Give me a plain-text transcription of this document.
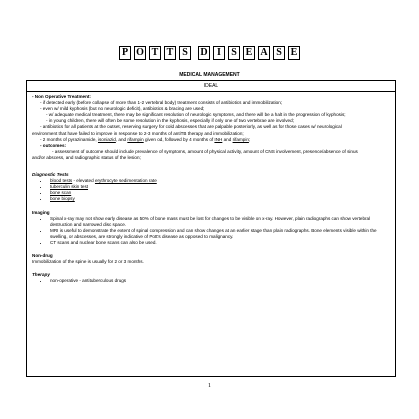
P O T T S	D I	S E A S E
MEDICAL MANAGEMENT
IDEAL
- Non Operative Treatment:
- if detected early (before collapse of more than 1-2 vertebral body) treatment consists of antibiotics and immobilization;
- even w/ mild kyphosis (but no neurologic deficit), antibiotics & bracing are used;
- w/ adequate medical treatment, there may be significant resolution of neurologic symptoms, and there will be a halt in the progression of kyphosis;
- in young children, there will often be some resolution in the kyphosis, especially if only one of two vertebrae are involved;
- antibiotics for all patients at the outset, reserving surgery for cold abscesses that are palpable posteriorly, as well as for those cases w/ neurological
environment that have failed to improve in response to 2-3 months of antiTB therapy and immobilization;
- 2 months of pyrazinamide, isoniazid, and rifampin given od, followed by 4 months of INH and rifampin;
- outcomes:
- assessment of outcome should include prevalence of symptoms, amount of physical activity, amount of CNS involvement, presence/absence of sinus
and/or abscess, and radiographic status of the lesion;
Diagnostic Tests
• blood tests - elevated erythrocyte sedimentation rate
• tuberculin skin test
• bone scan
• bone biopsy
Imaging
• Spinal x-ray may not show early disease as 50% of bone mass must be lost for changes to be visible on x-ray. However, plain radiographs can show vertebral destruction and narrowed disc space.
• MRI is useful to demonstrate the extent of spinal compression and can show changes at an earlier stage than plain radiographs. Bone elements visible within the swelling, or abscesses, are strongly indicative of Pott's disease as opposed to malignancy.
• CT scans and nuclear bone scans can also be used.
Non-drug
Immobilization of the spine is usually for 2 or 3 months.
Therapy
• non-operative - antituberculous drugs
1
